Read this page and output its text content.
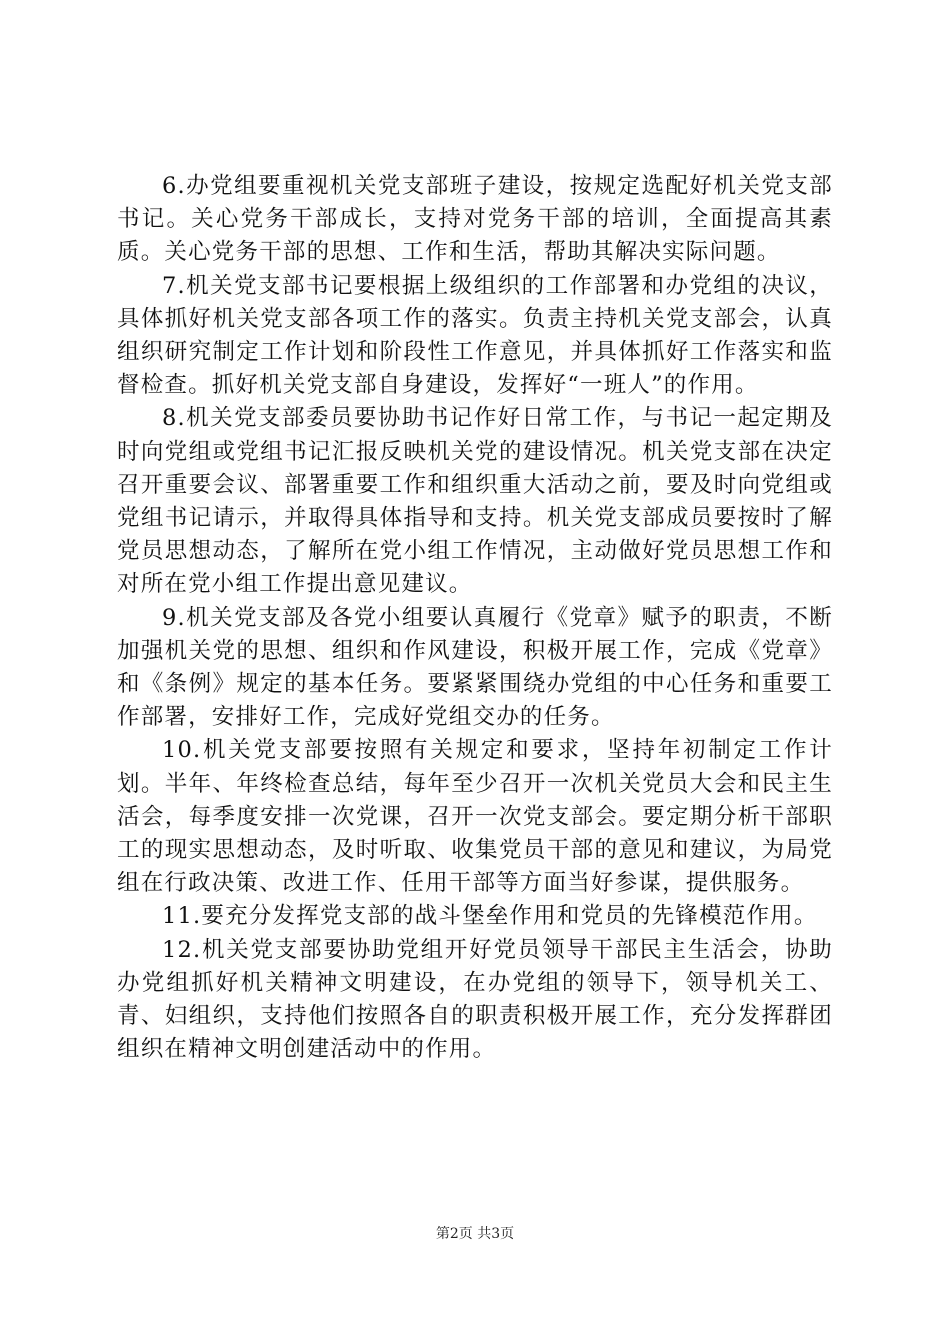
6.办党组要重视机关党支部班子建设，按规定选配好机关党支部书记。关心党务干部成长，支持对党务干部的培训，全面提高其素质。关心党务干部的思想、工作和生活，帮助其解决实际问题。

7.机关党支部书记要根据上级组织的工作部署和办党组的决议，具体抓好机关党支部各项工作的落实。负责主持机关党支部会，认真组织研究制定工作计划和阶段性工作意见，并具体抓好工作落实和监督检查。抓好机关党支部自身建设，发挥好“一班人”的作用。

8.机关党支部委员要协助书记作好日常工作，与书记一起定期及时向党组或党组书记汇报反映机关党的建设情况。机关党支部在决定召开重要会议、部署重要工作和组织重大活动之前，要及时向党组或党组书记请示，并取得具体指导和支持。机关党支部成员要按时了解党员思想动态，了解所在党小组工作情况，主动做好党员思想工作和对所在党小组工作提出意见建议。

9.机关党支部及各党小组要认真履行《党章》赋予的职责，不断加强机关党的思想、组织和作风建设，积极开展工作，完成《党章》和《条例》规定的基本任务。要紧紧围绕办党组的中心任务和重要工作部署，安排好工作，完成好党组交办的任务。

10.机关党支部要按照有关规定和要求，坚持年初制定工作计划。半年、年终检查总结，每年至少召开一次机关党员大会和民主生活会，每季度安排一次党课，召开一次党支部会。要定期分析干部职工的现实思想动态，及时听取、收集党员干部的意见和建议，为局党组在行政决策、改进工作、任用干部等方面当好参谋，提供服务。

11.要充分发挥党支部的战斗堡垒作用和党员的先锋模范作用。

12.机关党支部要协助党组开好党员领导干部民主生活会，协助办党组抓好机关精神文明建设，在办党组的领导下，领导机关工、青、妇组织，支持他们按照各自的职责积极开展工作，充分发挥群团组织在精神文明创建活动中的作用。

第2页 共3页
